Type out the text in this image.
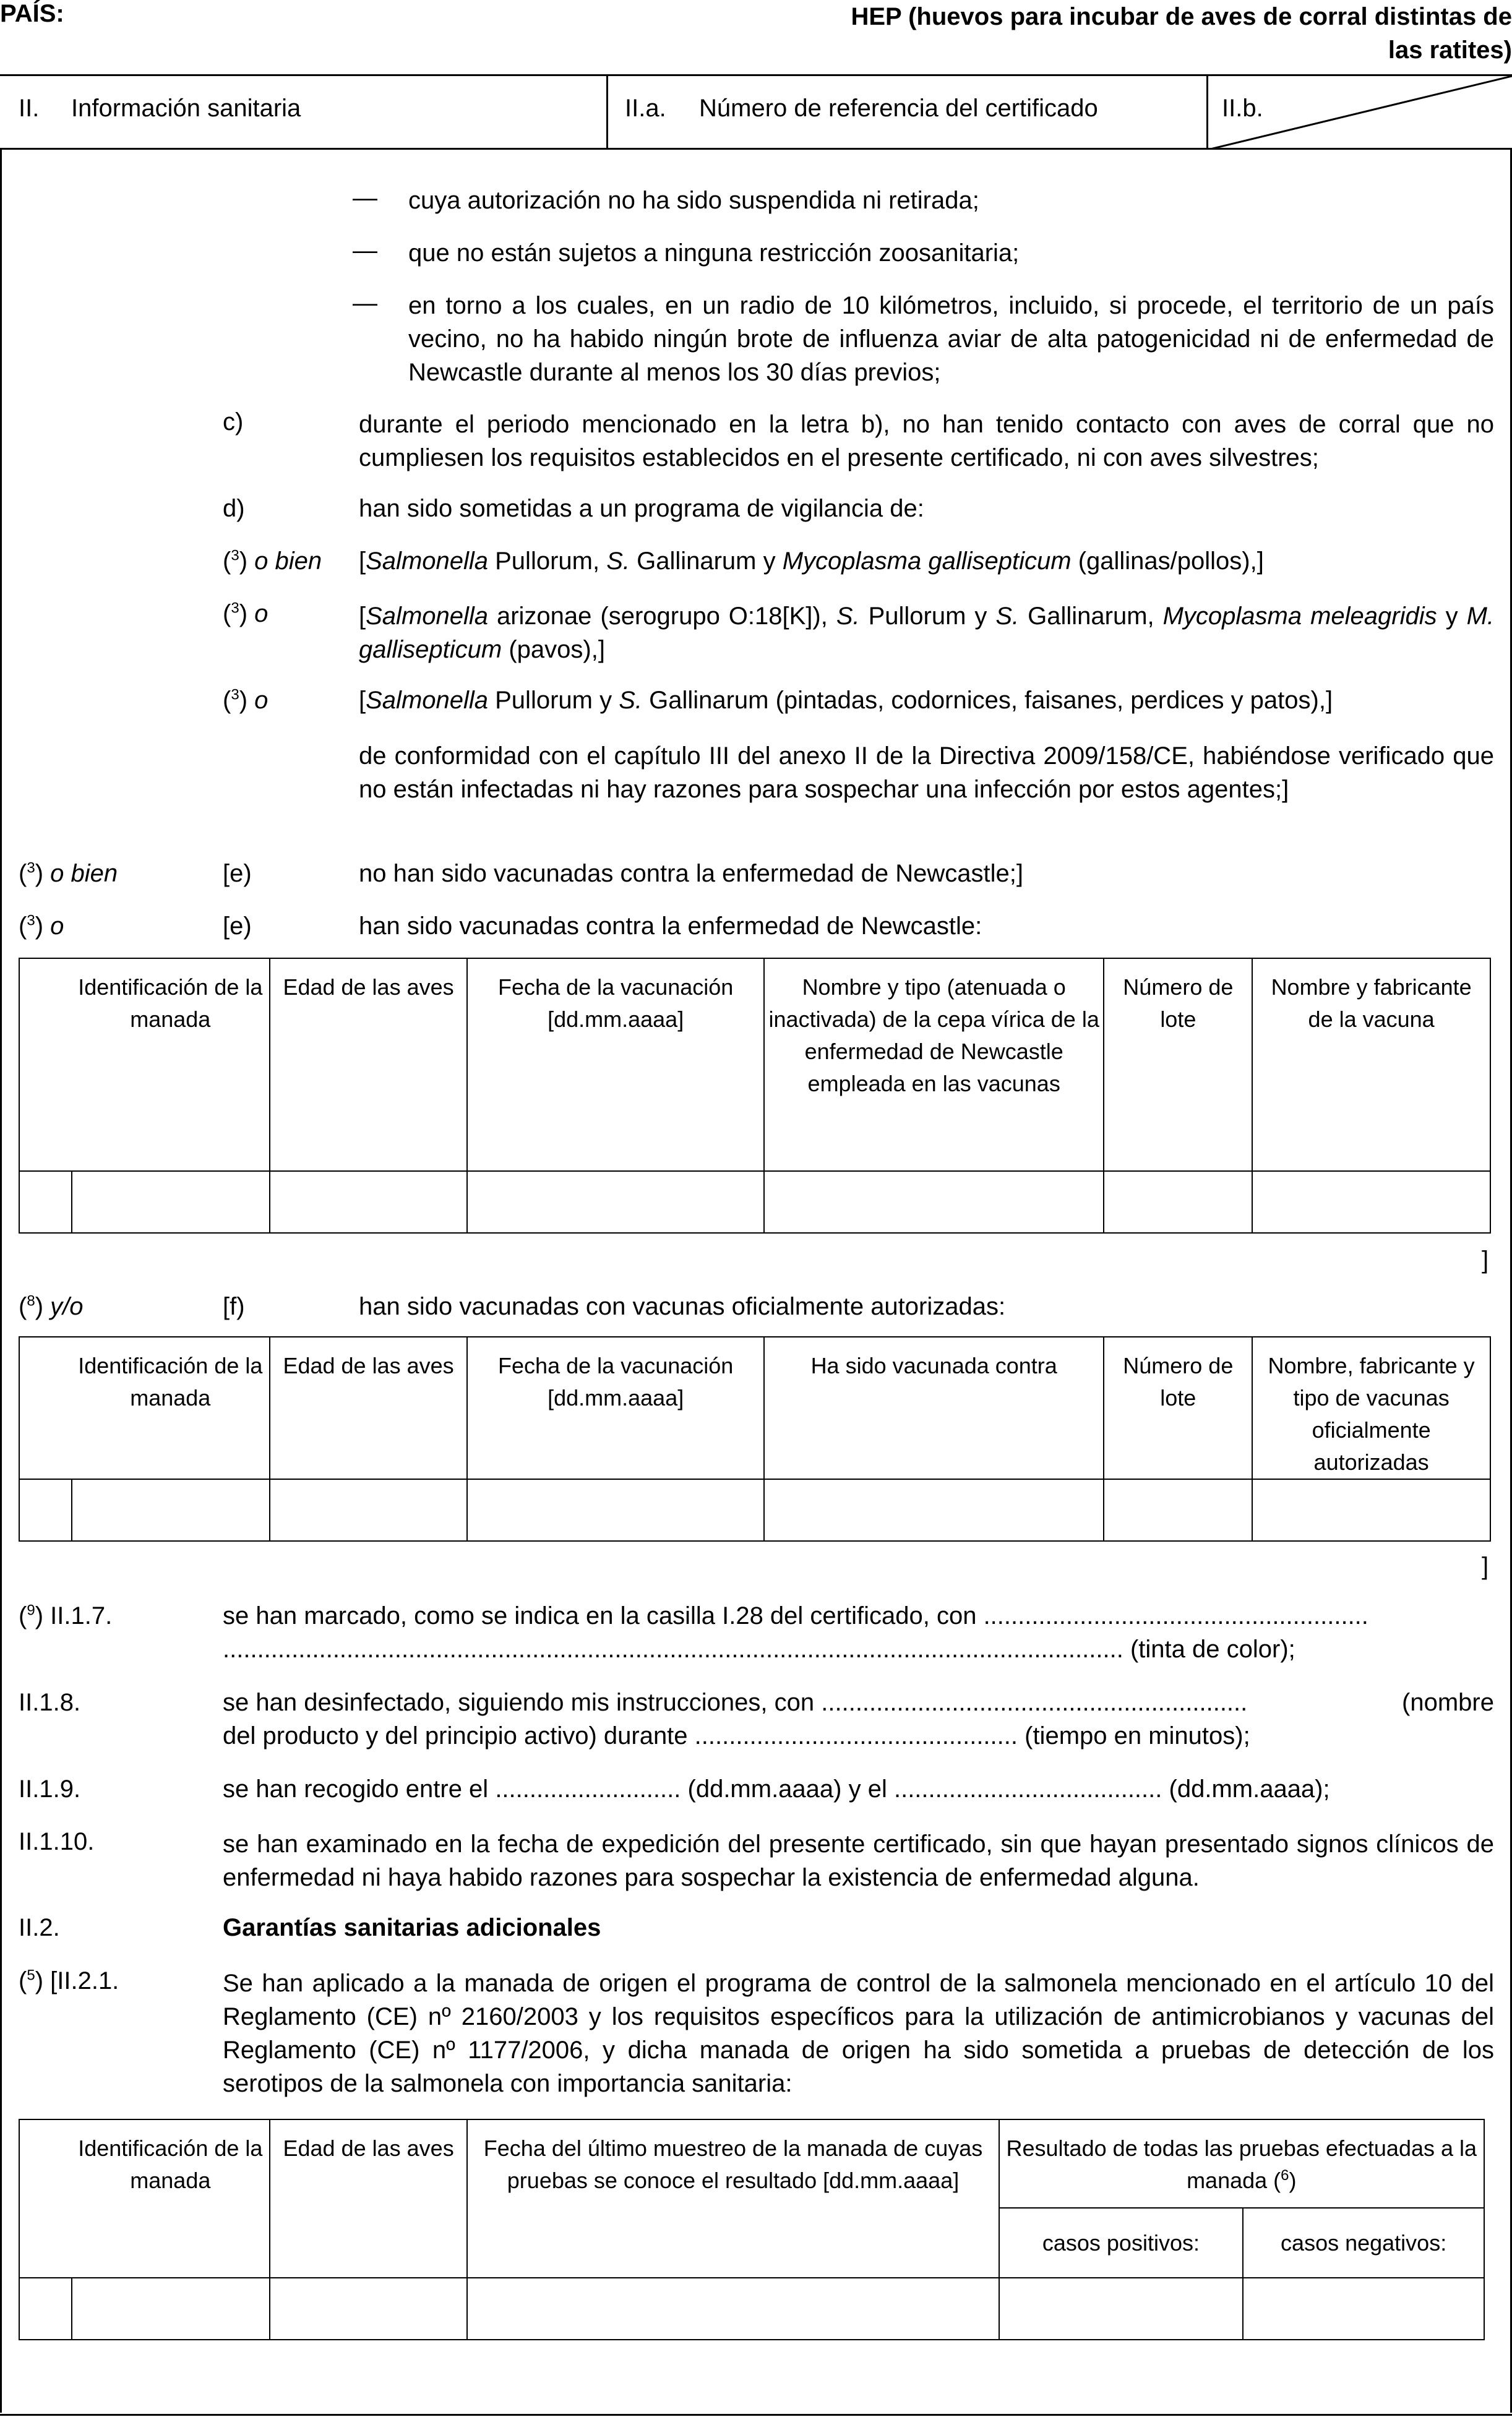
PAÍS:	HEP (huevos para incubar de aves de corral distintas de
las ratites)
II. Información sanitaria	II.a. Número de referencia del certificado	II.b.
— cuya autorización no ha sido suspendida ni retirada;
— que no están sujetos a ninguna restricción zoosanitaria;
— en torno a los cuales, en un radio de 10 kilómetros, incluido, si procede, el territorio de un país vecino, no ha habido ningún brote de influenza aviar de alta patogenicidad ni de enfermedad de Newcastle durante al menos los 30 días previos;
c)	durante el periodo mencionado en la letra b), no han tenido contacto con aves de corral que no cumpliesen los requisitos establecidos en el presente certificado, ni con aves silvestres;
d)	han sido sometidas a un programa de vigilancia de:
($^3$) o bien [Salmonella Pullorum, S. Gallinarum y Mycoplasma gallisepticum (gallinas/pollos),]
($^3$) o	[Salmonella arizonae (serogrupo O:18[K]), S. Pullorum y S. Gallinarum, Mycoplasma meleagridis y M. gallisepticum (pavos),]
($^3$) o	[Salmonella Pullorum y S. Gallinarum (pintadas, codornices, faisanes, perdices y patos),]
de conformidad con el capítulo III del anexo II de la Directiva 2009/158/CE, habiéndose verificado que no están infectadas ni hay razones para sospechar una infección por estos agentes;]
($^3$) o bien	[e)	no han sido vacunadas contra la enfermedad de Newcastle;]
($^3$) o	[e)	han sido vacunadas contra la enfermedad de Newcastle:
	Identificación de la manada	Edad de las aves	Fecha de la vacunación [dd.mm.aaaa]	Nombre y tipo (atenuada o inactivada) de la cepa vírica de la enfermedad de Newcastle empleada en las vacunas	Número de lote	Nombre y fabricante de la vacuna

]
($^8$) y/o	[f)	han sido vacunadas con vacunas oficialmente autorizadas:
	Identificación de la manada	Edad de las aves	Fecha de la vacunación [dd.mm.aaaa]	Ha sido vacunada contra	Número de lote	Nombre, fabricante y tipo de vacunas oficialmente autorizadas

]
($^9$) II.1.7.	se han marcado, como se indica en la casilla I.28 del certificado, con ........................................................
................................................................................................................................... (tinta de color);
II.1.8.	se han desinfectado, siguiendo mis instrucciones, con ..............................................................	(nombre
del producto y del principio activo) durante ............................................... (tiempo en minutos);
II.1.9.	se han recogido entre el ........................... (dd.mm.aaaa) y el ....................................... (dd.mm.aaaa);
II.1.10.	se han examinado en la fecha de expedición del presente certificado, sin que hayan presentado signos clínicos de enfermedad ni haya habido razones para sospechar la existencia de enfermedad alguna.
II.2.	Garantías sanitarias adicionales
($^5$) [II.2.1.	Se han aplicado a la manada de origen el programa de control de la salmonela mencionado en el artículo 10 del Reglamento (CE) nº 2160/2003 y los requisitos específicos para la utilización de antimicrobianos y vacunas del Reglamento (CE) nº 1177/2006, y dicha manada de origen ha sido sometida a pruebas de detección de los serotipos de la salmonela con importancia sanitaria:
	Identificación de la manada	Edad de las aves	Fecha del último muestreo de la manada de cuyas pruebas se conoce el resultado [dd.mm.aaaa]	Resultado de todas las pruebas efectuadas a la manada ($^6$)	
				casos positivos:	casos negativos:
